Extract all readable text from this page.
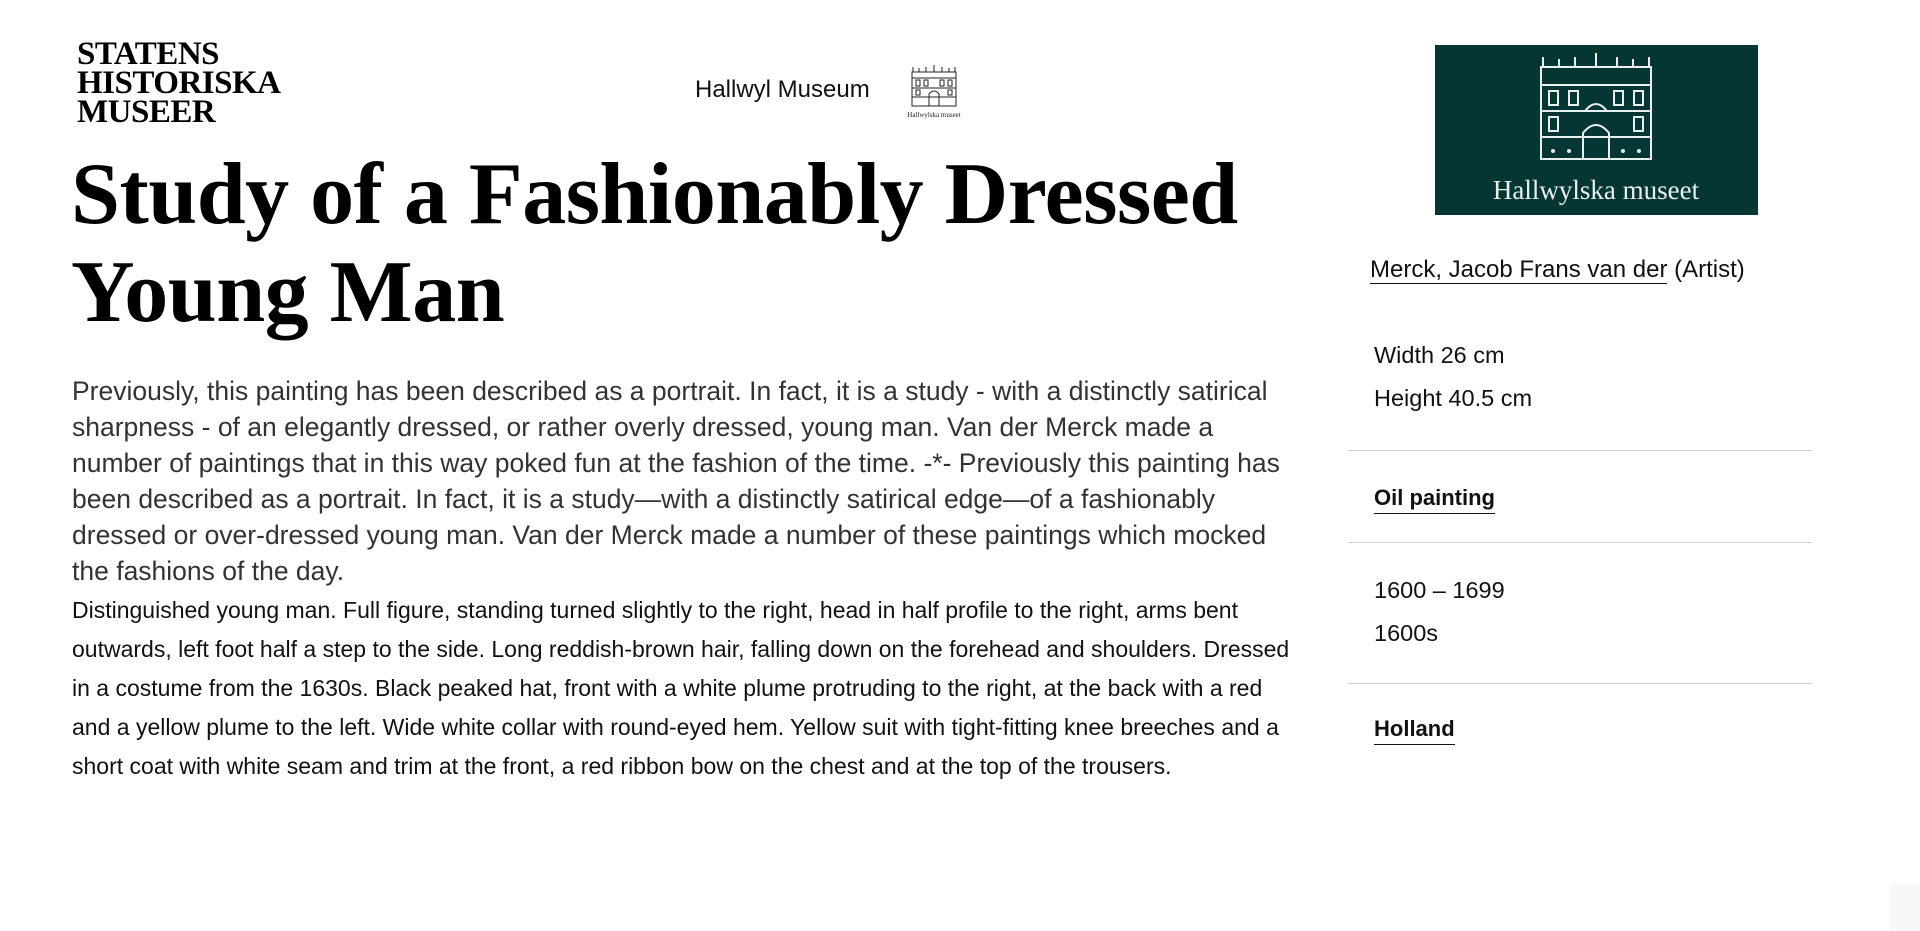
STATENS
HISTORISKA
MUSEER
Hallwyl Museum
Hallwylska museet
Study of a Fashionably Dressed Young Man

Previously, this painting has been described as a portrait. In fact, it is a study - with a distinctly satirical sharpness - of an elegantly dressed, or rather overly dressed, young man. Van der Merck made a number of paintings that in this way poked fun at the fashion of the time. -*- Previously this painting has been described as a portrait. In fact, it is a study—with a distinctly satirical edge—of a fashionably dressed or over-dressed young man. Van der Merck made a number of these paintings which mocked the fashions of the day.

Distinguished young man. Full figure, standing turned slightly to the right, head in half profile to the right, arms bent outwards, left foot half a step to the side. Long reddish-brown hair, falling down on the forehead and shoulders. Dressed in a costume from the 1630s. Black peaked hat, front with a white plume protruding to the right, at the back with a red and a yellow plume to the left. Wide white collar with round-eyed hem. Yellow suit with tight-fitting knee breeches and a short coat with white seam and trim at the front, a red ribbon bow on the chest and at the top of the trousers.

Hallwylska museet
Merck, Jacob Frans van der (Artist)
Width 26 cm
Height 40.5 cm
Oil painting
1600 – 1699
1600s
Holland
